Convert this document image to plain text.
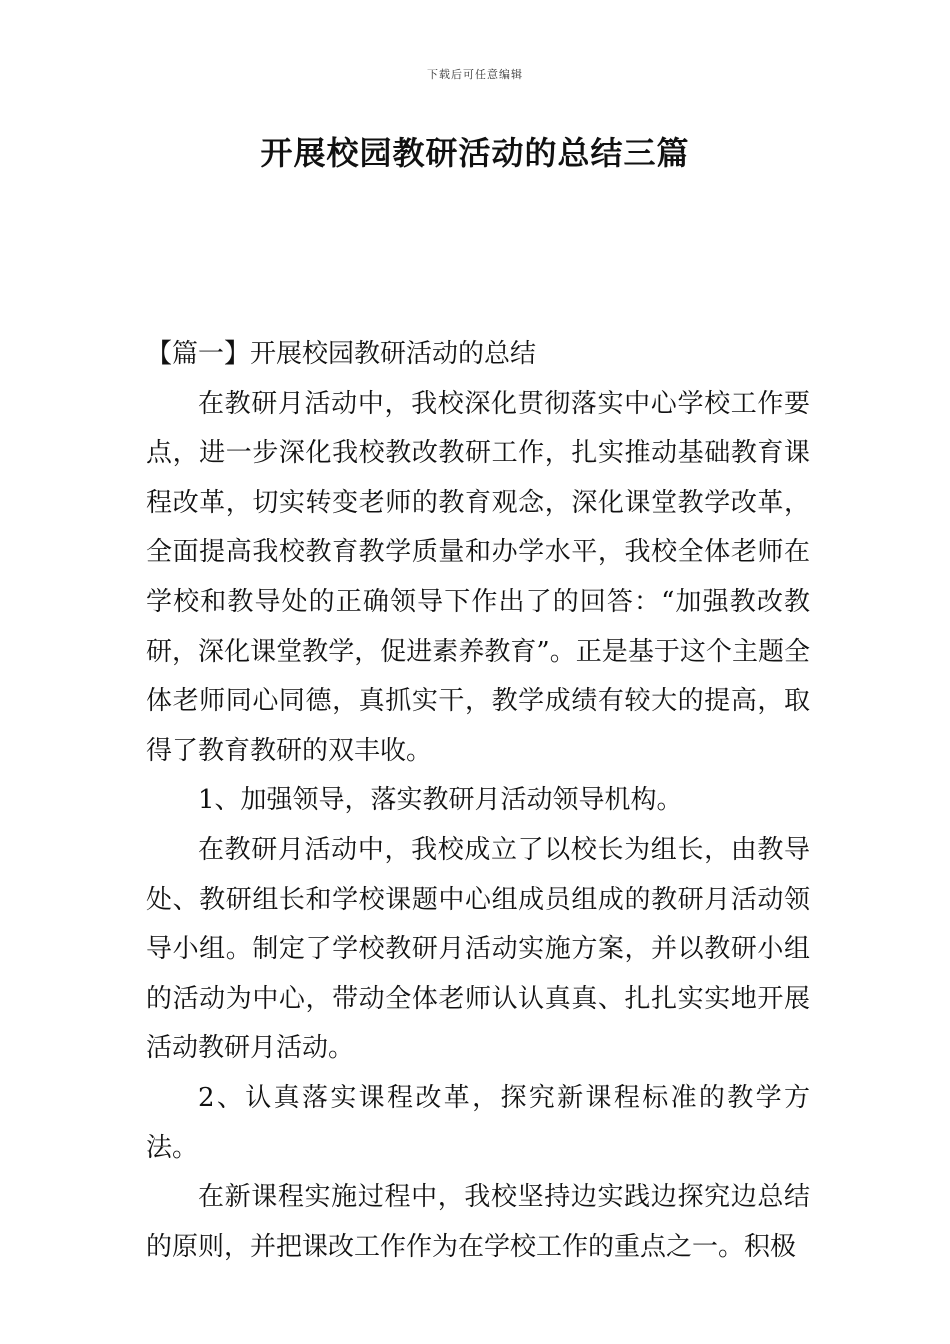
下载后可任意编辑
开展校园教研活动的总结三篇

【篇一】开展校园教研活动的总结

在教研月活动中，我校深化贯彻落实中心学校工作要点，进一步深化我校教改教研工作，扎实推动基础教育课程改革，切实转变老师的教育观念，深化课堂教学改革，全面提高我校教育教学质量和办学水平，我校全体老师在学校和教导处的正确领导下作出了的回答：“加强教改教研，深化课堂教学，促进素养教育”。正是基于这个主题全体老师同心同德，真抓实干，教学成绩有较大的提高，取得了教育教研的双丰收。

1、加强领导，落实教研月活动领导机构。

在教研月活动中，我校成立了以校长为组长，由教导处、教研组长和学校课题中心组成员组成的教研月活动领导小组。制定了学校教研月活动实施方案，并以教研小组的活动为中心，带动全体老师认认真真、扎扎实实地开展活动教研月活动。

2、认真落实课程改革，探究新课程标准的教学方法。

在新课程实施过程中，我校坚持边实践边探究边总结的原则，并把课改工作作为在学校工作的重点之一。积极
